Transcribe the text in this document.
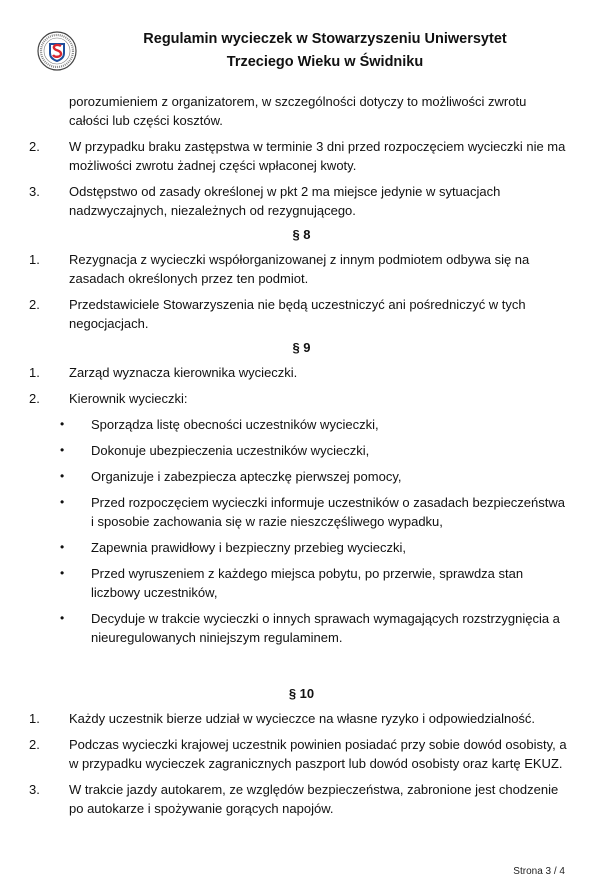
Regulamin wycieczek w Stowarzyszeniu Uniwersytet
Trzeciego Wieku w Świdniku
porozumieniem z organizatorem, w szczególności dotyczy to możliwości zwrotu całości lub części kosztów.
2. W przypadku braku zastępstwa w terminie 3 dni przed rozpoczęciem wycieczki nie ma możliwości zwrotu żadnej części wpłaconej kwoty.
3. Odstępstwo od zasady określonej w pkt 2 ma miejsce jedynie w sytuacjach nadzwyczajnych, niezależnych od rezygnującego.
§ 8
1. Rezygnacja z wycieczki współorganizowanej z innym podmiotem odbywa się na zasadach określonych przez ten podmiot.
2. Przedstawiciele Stowarzyszenia nie będą uczestniczyć ani pośredniczyć w tych negocjacjach.
§ 9
1. Zarząd wyznacza kierownika wycieczki.
2. Kierownik wycieczki:
• Sporządza listę obecności uczestników wycieczki,
• Dokonuje ubezpieczenia uczestników wycieczki,
• Organizuje i zabezpiecza apteczkę pierwszej pomocy,
• Przed rozpoczęciem wycieczki informuje uczestników o zasadach bezpieczeństwa i sposobie zachowania się w razie nieszczęśliwego wypadku,
• Zapewnia prawidłowy i bezpieczny przebieg wycieczki,
• Przed wyruszeniem z każdego miejsca pobytu, po przerwie, sprawdza stan liczbowy uczestników,
• Decyduje w trakcie wycieczki o innych sprawach wymagających rozstrzygnięcia a nieuregulowanych niniejszym regulaminem.
§ 10
1. Każdy uczestnik bierze udział w wycieczce na własne ryzyko i odpowiedzialność.
2. Podczas wycieczki krajowej uczestnik powinien posiadać przy sobie dowód osobisty, a w przypadku wycieczek zagranicznych paszport lub dowód osobisty oraz kartę EKUZ.
3. W trakcie jazdy autokarem, ze względów bezpieczeństwa, zabronione jest chodzenie po autokarze i spożywanie gorących napojów.
Strona 3 / 4
